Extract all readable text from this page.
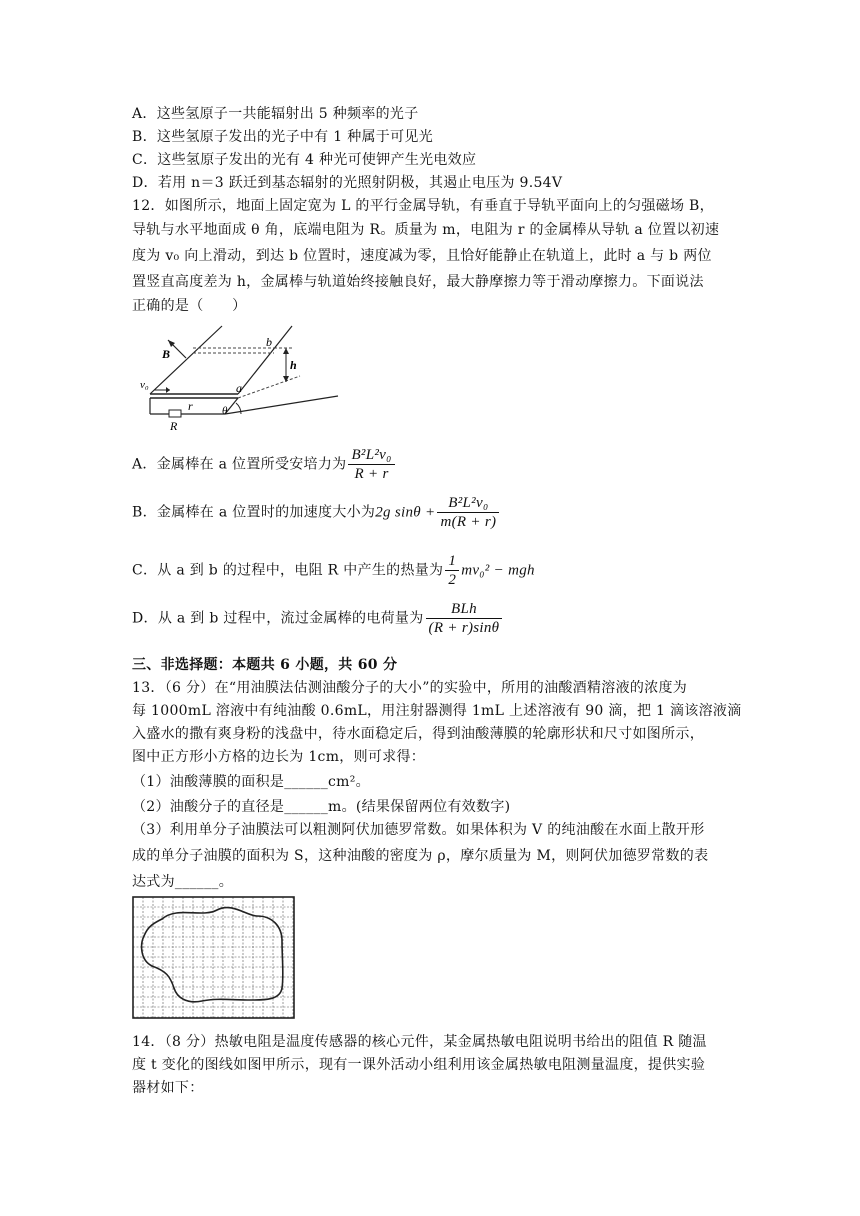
A．这些氢原子一共能辐射出 5 种频率的光子
B．这些氢原子发出的光子中有 1 种属于可见光
C．这些氢原子发出的光有 4 种光可使钾产生光电效应
D．若用 n＝3 跃迁到基态辐射的光照射阴极，其遏止电压为 9.54V
12．如图所示，地面上固定宽为 L 的平行金属导轨，有垂直于导轨平面向上的匀强磁场 B，
导轨与水平地面成 θ 角，底端电阻为 R。质量为 m，电阻为 r 的金属棒从导轨 a 位置以初速
度为 v₀ 向上滑动，到达 b 位置时，速度减为零，且恰好能静止在轨道上，此时 a 与 b 两位
置竖直高度差为 h，金属棒与轨道始终接触良好，最大静摩擦力等于滑动摩擦力。下面说法
正确的是（　　）
B
b
h
v₀
r
a
θ
R
A．金属棒在 a 位置所受安培力为 $\frac{\text{B²L²v₀}}{R + r}$
B．金属棒在 a 位置时的加速度大小为2g $\sin\theta + \frac{\text{B²L²v₀}}{m(R + r)}$
C．从 a 到 b 的过程中，电阻 R 中产生的热量为 $\frac{1}{2} mv_0^2$ − mgh
D．从 a 到 b 过程中，流过金属棒的电荷量为 $\frac{\text{BLh}}{(R + r)\sin\theta}$
三、非选择题：本题共 6 小题，共 60 分
13．（6 分）在“用油膜法估测油酸分子的大小”的实验中，所用的油酸酒精溶液的浓度为
每 1000mL 溶液中有纯油酸 0.6mL，用注射器测得 1mL 上述溶液有 90 滴，把 1 滴该溶液滴
入盛水的撒有爽身粉的浅盘中，待水面稳定后，得到油酸薄膜的轮廓形状和尺寸如图所示，
图中正方形小方格的边长为 1cm，则可求得：
（1）油酸薄膜的面积是______cm²。
（2）油酸分子的直径是______m。(结果保留两位有效数字)
（3）利用单分子油膜法可以粗测阿伏加德罗常数。如果体积为 V 的纯油酸在水面上散开形
成的单分子油膜的面积为 S，这种油酸的密度为 ρ，摩尔质量为 M，则阿伏加德罗常数的表
达式为______。
14．（8 分）热敏电阻是温度传感器的核心元件，某金属热敏电阻说明书给出的阻值 R 随温
度 t 变化的图线如图甲所示，现有一课外活动小组利用该金属热敏电阻测量温度，提供实验
器材如下：
